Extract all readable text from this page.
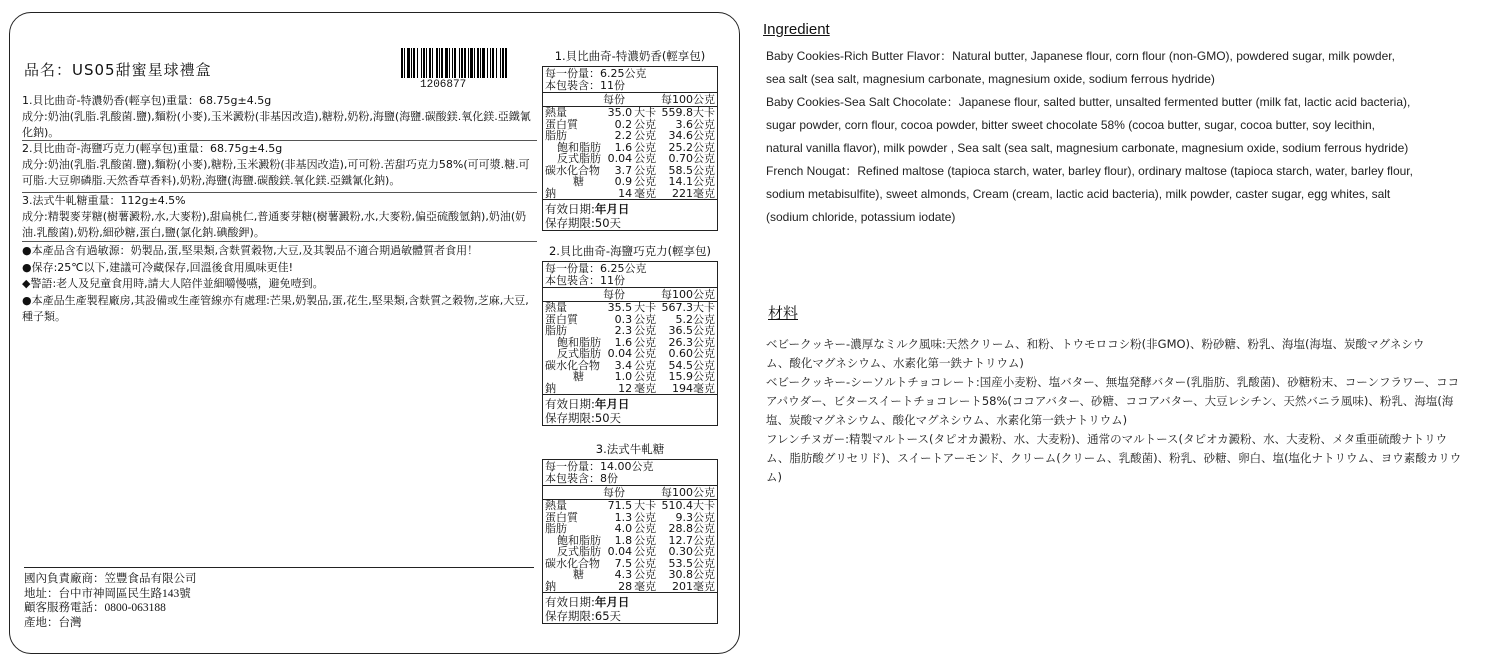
品名：US05甜蜜星球禮盒
1206877
1.貝比曲奇-特濃奶香(輕享包)重量：68.75g±4.5g
成分:奶油(乳脂.乳酸菌.鹽),麵粉(小麥),玉米澱粉(非基因改造),糖粉,奶粉,海鹽(海鹽.碳酸鎂.氧化鎂.亞鐵氰化鈉)。
2.貝比曲奇-海鹽巧克力(輕享包)重量：68.75g±4.5g
成分:奶油(乳脂.乳酸菌.鹽),麵粉(小麥),糖粉,玉米澱粉(非基因改造),可可粉.苦甜巧克力58%(可可漿.糖.可可脂.大豆卵磷脂.天然香草香料),奶粉,海鹽(海鹽.碳酸鎂.氧化鎂.亞鐵氰化鈉)。
3.法式牛軋糖重量：112g±4.5%
成分:精製麥芽糖(樹薯澱粉,水,大麥粉),甜扁桃仁,普通麥芽糖(樹薯澱粉,水,大麥粉,偏亞硫酸氫鈉),奶油(奶油.乳酸菌),奶粉,細砂糖,蛋白,鹽(氯化鈉.碘酸鉀)。
●本產品含有過敏源：奶製品,蛋,堅果類,含麩質穀物,大豆,及其製品不適合期過敏體質者食用！
●保存:25℃以下,建議可冷藏保存,回溫後食用風味更佳!
◆警語:老人及兒童食用時,請大人陪伴並細嚼慢嚥，避免噎到。
●本產品生產製程廠房,其設備或生產管線亦有處理:芒果,奶製品,蛋,花生,堅果類,含麩質之穀物,芝麻,大豆,種子類。
國內負責廠商：笠豐食品有限公司
地址：台中市神岡區民生路143號
顧客服務電話：0800-063188
產地：台灣
1.貝比曲奇-特濃奶香(輕享包)
每一份量：6.25公克
本包裝含：11份
每份	每100公克
熱量	35.0	大卡	559.8大卡
蛋白質	0.2	公克	3.6公克
脂肪	2.2	公克	34.6公克
飽和脂肪	1.6	公克	25.2公克
反式脂肪	0.04	公克	0.70公克
碳水化合物	3.7	公克	58.5公克
糖	0.9	公克	14.1公克
鈉	14	毫克	221毫克
有效日期:年月日
保存期限:50天
2.貝比曲奇-海鹽巧克力(輕享包)
每一份量：6.25公克
本包裝含：11份
每份	每100公克
熱量	35.5	大卡	567.3大卡
蛋白質	0.3	公克	5.2公克
脂肪	2.3	公克	36.5公克
飽和脂肪	1.6	公克	26.3公克
反式脂肪	0.04	公克	0.60公克
碳水化合物	3.4	公克	54.5公克
糖	1.0	公克	15.9公克
鈉	12	毫克	194毫克
有效日期:年月日
保存期限:50天
3.法式牛軋糖
每一份量：14.00公克
本包裝含：8份
每份	每100公克
熱量	71.5	大卡	510.4大卡
蛋白質	1.3	公克	9.3公克
脂肪	4.0	公克	28.8公克
飽和脂肪	1.8	公克	12.7公克
反式脂肪	0.04	公克	0.30公克
碳水化合物	7.5	公克	53.5公克
糖	4.3	公克	30.8公克
鈉	28	毫克	201毫克
有效日期:年月日
保存期限:65天
Ingredient
Baby Cookies-Rich Butter Flavor：Natural butter, Japanese flour, corn flour (non-GMO), powdered sugar, milk powder,
sea salt (sea salt, magnesium carbonate, magnesium oxide, sodium ferrous hydride)
Baby Cookies-Sea Salt Chocolate：Japanese flour, salted butter, unsalted fermented butter (milk fat, lactic acid bacteria),
sugar powder, corn flour, cocoa powder, bitter sweet chocolate 58% (cocoa butter, sugar, cocoa butter, soy lecithin,
natural vanilla flavor), milk powder , Sea salt (sea salt, magnesium carbonate, magnesium oxide, sodium ferrous hydride)
French Nougat：Refined maltose (tapioca starch, water, barley flour), ordinary maltose (tapioca starch, water, barley flour,
sodium metabisulfite), sweet almonds, Cream (cream, lactic acid bacteria), milk powder, caster sugar, egg whites, salt
(sodium chloride, potassium iodate)
材料
ベビークッキー-濃厚なミルク風味:天然クリーム、和粉、トウモロコシ粉(非GMO)、粉砂糖、粉乳、海塩(海塩、炭酸マグネシウ
ム、酸化マグネシウム、水素化第一鉄ナトリウム)
ベビークッキー-シーソルトチョコレート:国産小麦粉、塩バター、無塩発酵バター(乳脂肪、乳酸菌)、砂糖粉末、コーンフラワー、ココ
アパウダー、ビタースイートチョコレート58%(ココアバター、砂糖、ココアバター、大豆レシチン、天然バニラ風味)、粉乳、海塩(海
塩、炭酸マグネシウム、酸化マグネシウム、水素化第一鉄ナトリウム)
フレンチヌガー:精製マルトース(タピオカ澱粉、水、大麦粉)、通常のマルトース(タピオカ澱粉、水、大麦粉、メタ重亜硫酸ナトリウ
ム、脂肪酸グリセリド)、スイートアーモンド、クリーム(クリーム、乳酸菌)、粉乳、砂糖、卵白、塩(塩化ナトリウム、ヨウ素酸カリウ
ム)
